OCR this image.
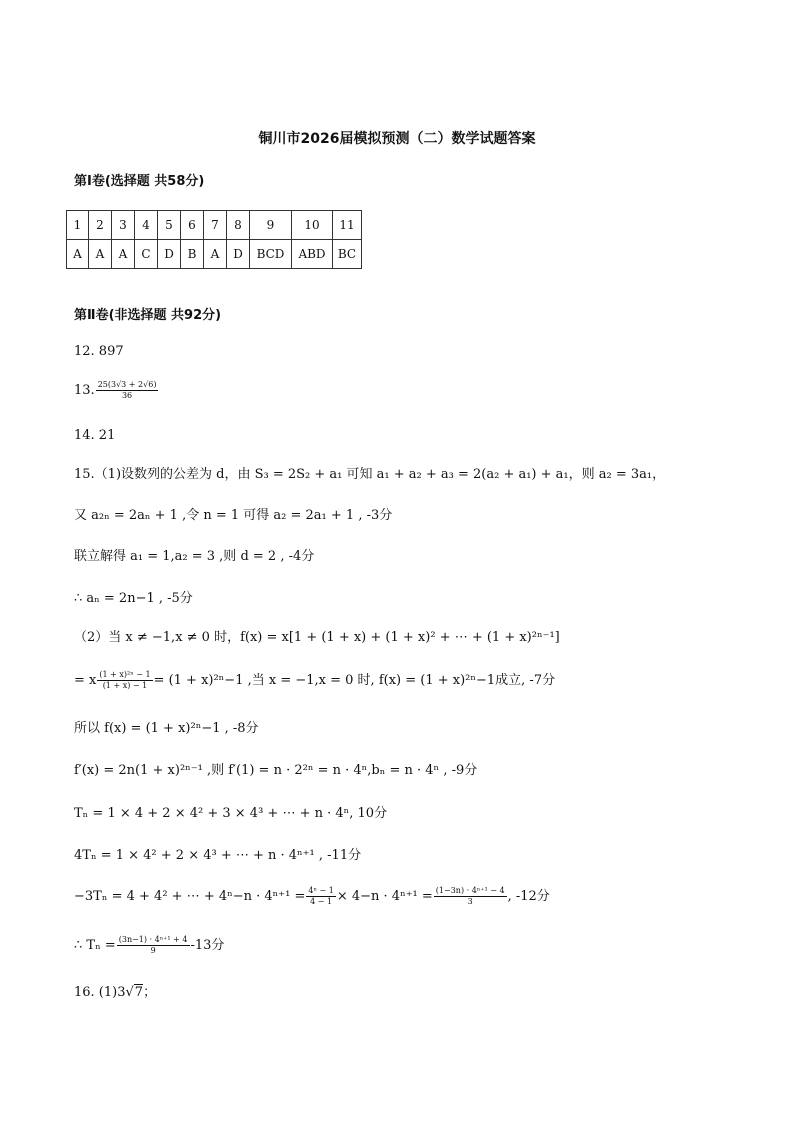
铜川市2026届模拟预测（二）数学试题答案
第Ⅰ卷(选择题 共58分)
1	2	3	4	5	6	7	8	9	10	11
A	A	A	C	D	B	A	D	BCD	ABD	BC
第Ⅱ卷(非选择题 共92分)
12. 897
13. $\frac{25(3√3 + 2√6)}{36}$
14. 21
15.（1)设数列的公差为 d，由 S₃ = 2S₂ + a₁ 可知 a₁ + a₂ + a₃ = 2(a₂ + a₁) + a₁，则 a₂ = 3a₁，
又 a₂ₙ = 2aₙ + 1 ,令 n = 1 可得 a₂ = 2a₁ + 1 , -3分
联立解得 a₁ = 1,a₂ = 3 ,则 d = 2 , -4分
∴ aₙ = 2n−1 , -5分
（2）当 x ≠ −1,x ≠ 0 时，f(x) = x[1 + (1 + x) + (1 + x)² + ⋯ + (1 + x)²ⁿ⁻¹]
= x $\frac{\text{(1 + x)²ⁿ − 1}}{(1 + x) - 1} = (1 + x)^{2n}-1$ ,当 x = −1,x = 0 时, f(x) = (1 + x)²ⁿ−1成立, -7分
所以 f(x) = (1 + x)²ⁿ−1 , -8分
f′(x) = 2n(1 + x)²ⁿ⁻¹ ,则 f′(1) = n · 2²ⁿ = n · 4ⁿ,bₙ = n · 4ⁿ , -9分
Tₙ = 1 × 4 + 2 × 4² + 3 × 4³ + ⋯ + n · 4ⁿ, 10分
4Tₙ = 1 × 4² + 2 × 4³ + ⋯ + n · 4ⁿ⁺¹ , -11分
−3Tₙ = 4 + 4² + ⋯ + $4^n-n \cdot 4^{n+1} = \frac{\text{4ⁿ − 1}}{4 - 1} \times 4-n \cdot 4^{n+1} = \frac{\text{(1−3n) · 4ⁿ⁺¹ − 4}}{3}$ , -12分
∴ $T_n = \frac{\text{(3n−1) · 4ⁿ⁺¹ + 4}}{9} -13$分
16. (1)3√7；
